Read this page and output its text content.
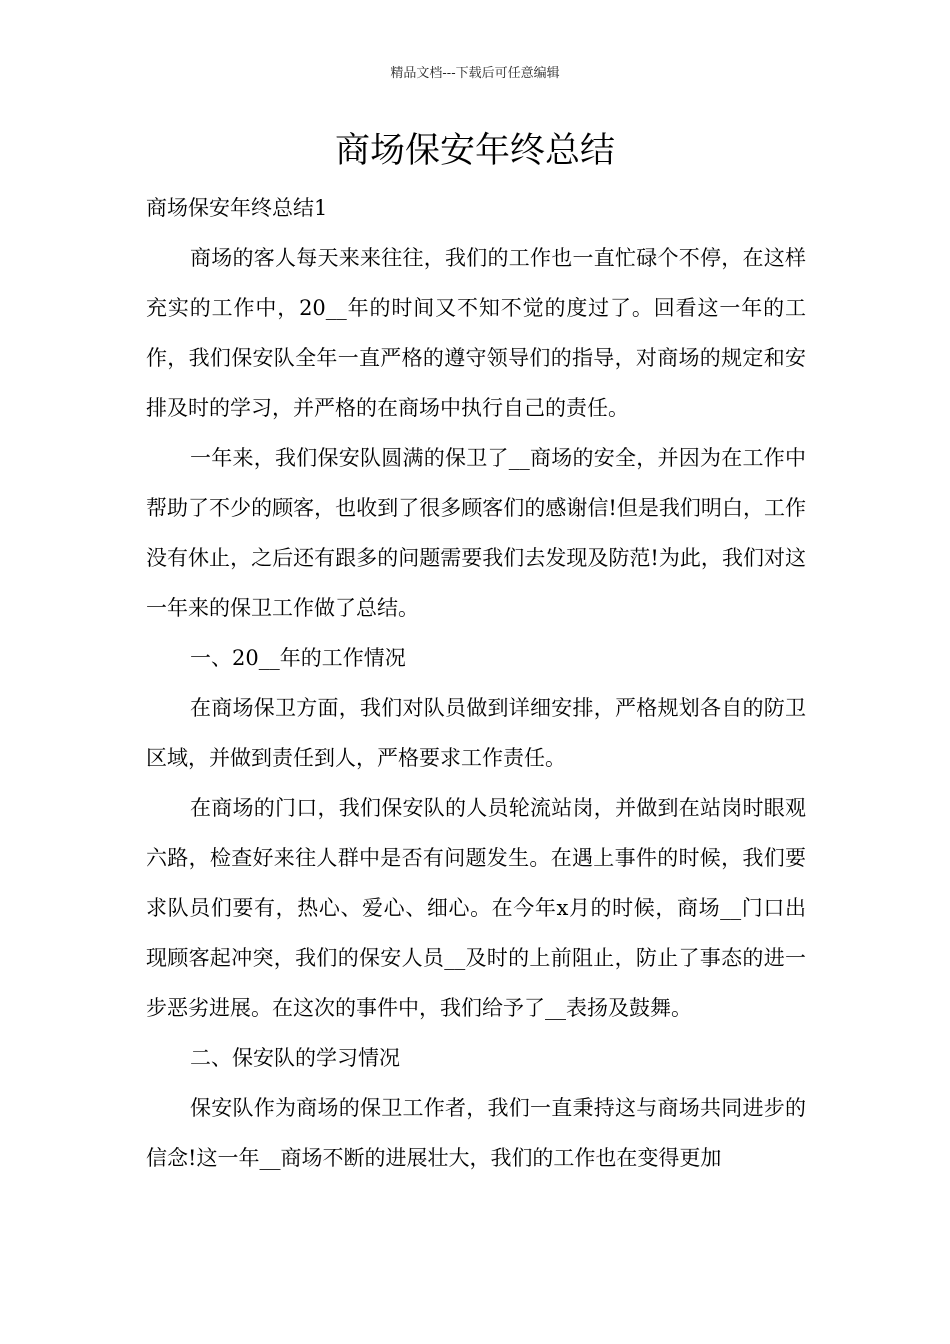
精品文档---下载后可任意编辑
商场保安年终总结

商场保安年终总结1

商场的客人每天来来往往，我们的工作也一直忙碌个不停，在这样充实的工作中，20__年的时间又不知不觉的度过了。回看这一年的工作，我们保安队全年一直严格的遵守领导们的指导，对商场的规定和安排及时的学习，并严格的在商场中执行自己的责任。

一年来，我们保安队圆满的保卫了__商场的安全，并因为在工作中帮助了不少的顾客，也收到了很多顾客们的感谢信!但是我们明白，工作没有休止，之后还有跟多的问题需要我们去发现及防范!为此，我们对这一年来的保卫工作做了总结。

一、20__年的工作情况

在商场保卫方面，我们对队员做到详细安排，严格规划各自的防卫区域，并做到责任到人，严格要求工作责任。

在商场的门口，我们保安队的人员轮流站岗，并做到在站岗时眼观六路，检查好来往人群中是否有问题发生。在遇上事件的时候，我们要求队员们要有，热心、爱心、细心。在今年x月的时候，商场__门口出现顾客起冲突，我们的保安人员__及时的上前阻止，防止了事态的进一步恶劣进展。在这次的事件中，我们给予了__表扬及鼓舞。

二、保安队的学习情况

保安队作为商场的保卫工作者，我们一直秉持这与商场共同进步的信念!这一年__商场不断的进展壮大，我们的工作也在变得更加
